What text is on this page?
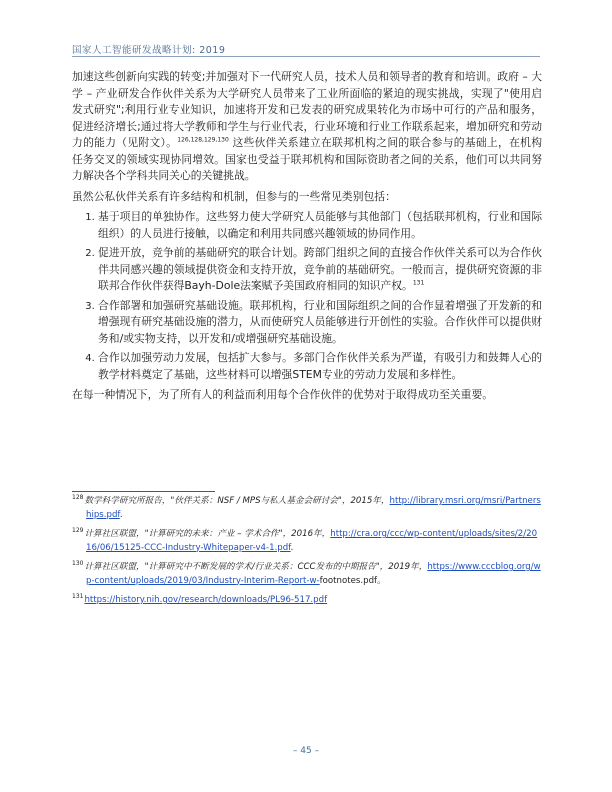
国家人工智能研发战略计划: 2019

加速这些创新向实践的转变;并加强对下一代研究人员，技术人员和领导者的教育和培训。政府 – 大学 – 产业研发合作伙伴关系为大学研究人员带来了工业所面临的紧迫的现实挑战，实现了"使用启发式研究";利用行业专业知识，加速将开发和已发表的研究成果转化为市场中可行的产品和服务，促进经济增长;通过将大学教师和学生与行业代表，行业环境和行业工作联系起来，增加研究和劳动力的能力（见附文）。$^{126,128,129,130}$ 这些伙伴关系建立在联邦机构之间的联合参与的基础上，在机构任务交叉的领域实现协同增效。国家也受益于联邦机构和国际资助者之间的关系，他们可以共同努力解决各个学科共同关心的关键挑战。

虽然公私伙伴关系有许多结构和机制，但参与的一些常见类别包括：

1. 基于项目的单独协作。这些努力使大学研究人员能够与其他部门（包括联邦机构，行业和国际组织）的人员进行接触，以确定和利用共同感兴趣领域的协同作用。
2. 促进开放，竞争前的基础研究的联合计划。跨部门组织之间的直接合作伙伴关系可以为合作伙伴共同感兴趣的领域提供资金和支持开放，竞争前的基础研究。一般而言，提供研究资源的非联邦合作伙伴获得Bayh-Dole法案赋予美国政府相同的知识产权。$^{131}$
3. 合作部署和加强研究基础设施。联邦机构，行业和国际组织之间的合作显着增强了开发新的和增强现有研究基础设施的潜力，从而使研究人员能够进行开创性的实验。合作伙伴可以提供财务和/或实物支持，以开发和/或增强研究基础设施。
4. 合作以加强劳动力发展，包括扩大参与。多部门合作伙伴关系为严谨，有吸引力和鼓舞人心的教学材料奠定了基础，这些材料可以增强STEM专业的劳动力发展和多样性。

在每一种情况下，为了所有人的利益而利用每个合作伙伴的优势对于取得成功至关重要。

$^{128}$数学科学研究所报告，"伙伴关系：NSF / MPS与私人基金会研讨会"，2015年，http://library.msri.org/msri/Partnerships.pdf.
$^{129}$计算社区联盟，"计算研究的未来：产业 – 学术合作"，2016年，http://cra.org/ccc/wp-content/uploads/sites/2/2016/06/15125-CCC-Industry-Whitepaper-v4-1.pdf.
$^{130}$计算社区联盟，"计算研究中不断发展的学术/行业关系：CCC发布的中期报告"，2019年，https://www.cccblog.org/wp-content/uploads/2019/03/Industry-Interim-Report-w-footnotes.pdf。
$^{131}$https://history.nih.gov/research/downloads/PL96-517.pdf
– 45 –
